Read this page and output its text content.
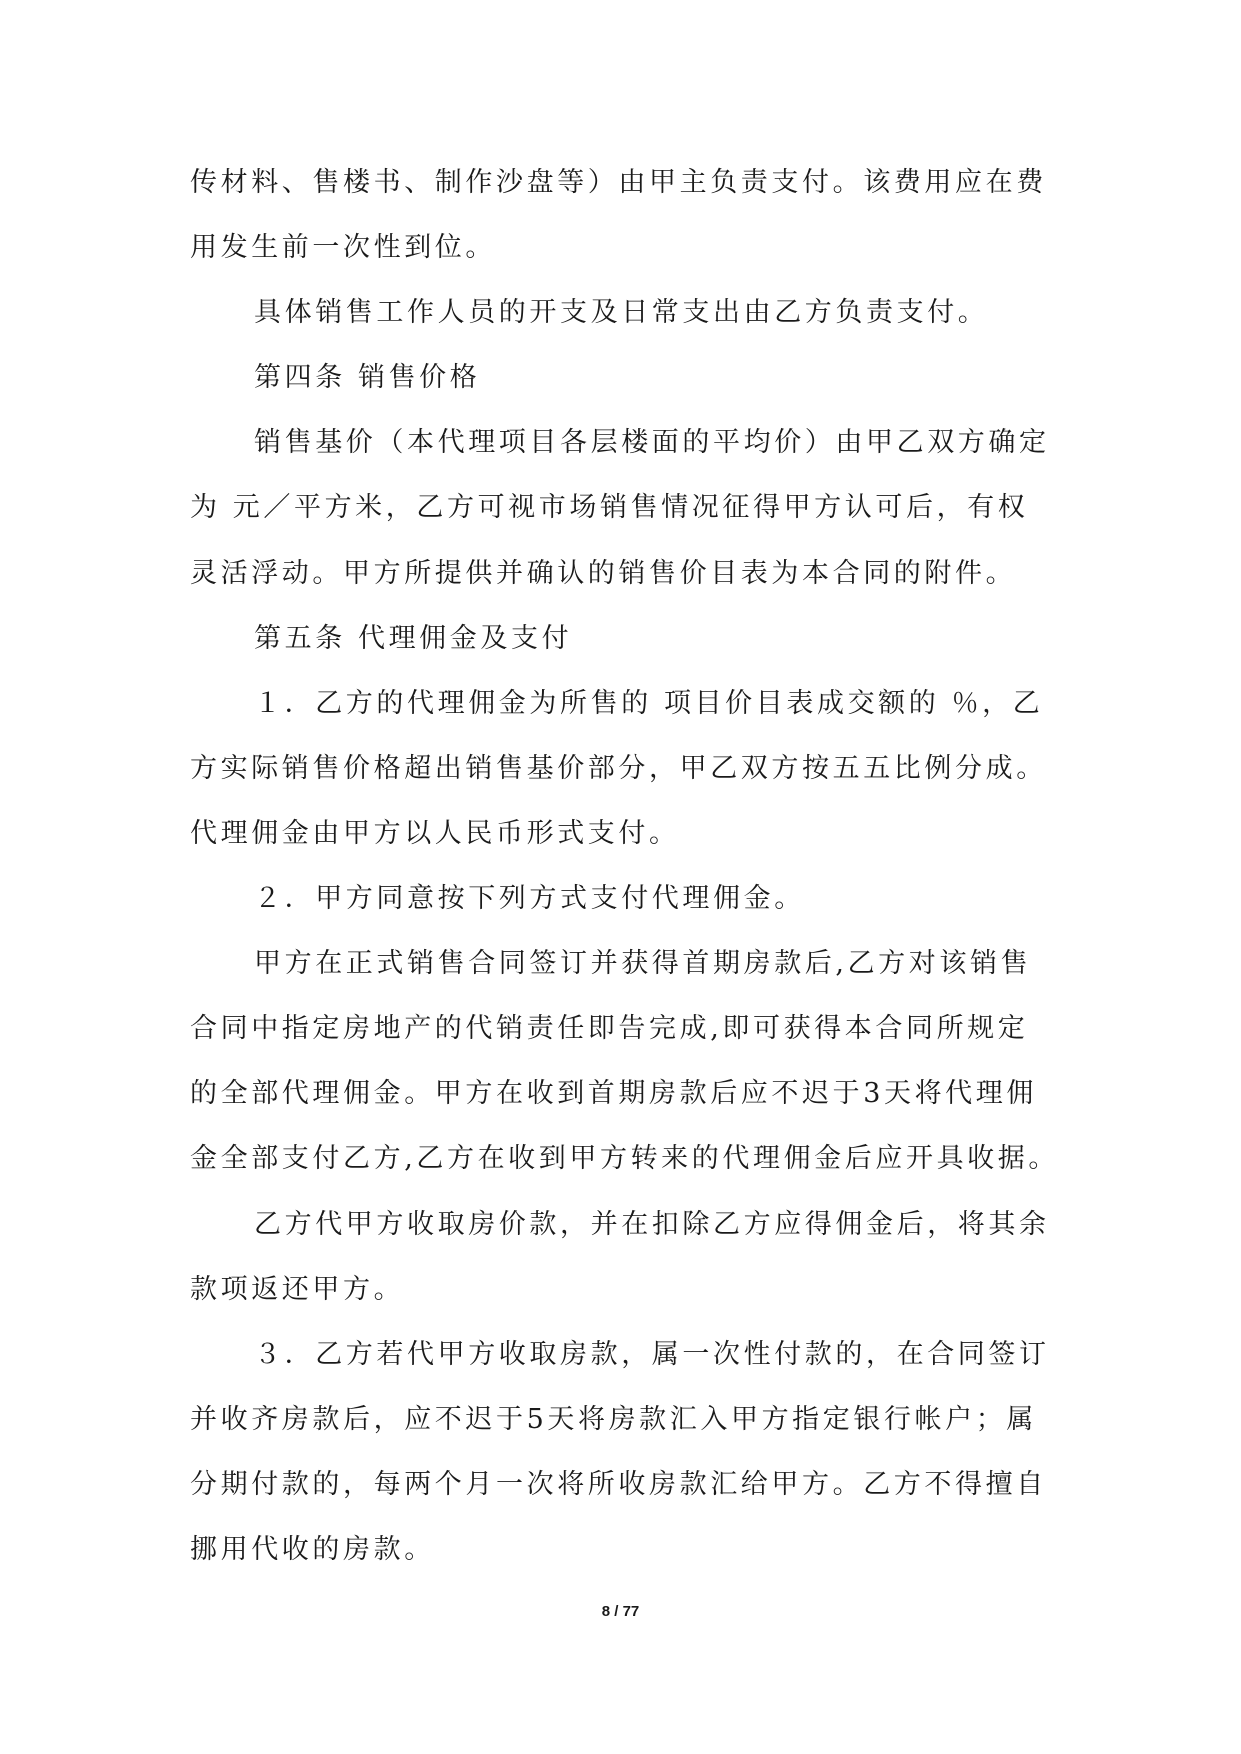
传材料、售楼书、制作沙盘等）由甲主负责支付。该费用应在费
用发生前一次性到位。
具体销售工作人员的开支及日常支出由乙方负责支付。
第四条 销售价格
销售基价（本代理项目各层楼面的平均价）由甲乙双方确定
为 元／平方米，乙方可视市场销售情况征得甲方认可后，有权
灵活浮动。甲方所提供并确认的销售价目表为本合同的附件。
第五条 代理佣金及支付
１．乙方的代理佣金为所售的 项目价目表成交额的 ％，乙
方实际销售价格超出销售基价部分，甲乙双方按五五比例分成。
代理佣金由甲方以人民币形式支付。
２．甲方同意按下列方式支付代理佣金。
甲方在正式销售合同签订并获得首期房款后,乙方对该销售
合同中指定房地产的代销责任即告完成,即可获得本合同所规定
的全部代理佣金。甲方在收到首期房款后应不迟于3天将代理佣
金全部支付乙方,乙方在收到甲方转来的代理佣金后应开具收据。
乙方代甲方收取房价款，并在扣除乙方应得佣金后，将其余
款项返还甲方。
３．乙方若代甲方收取房款，属一次性付款的，在合同签订
并收齐房款后，应不迟于5天将房款汇入甲方指定银行帐户；属
分期付款的，每两个月一次将所收房款汇给甲方。乙方不得擅自
挪用代收的房款。
8 / 77
